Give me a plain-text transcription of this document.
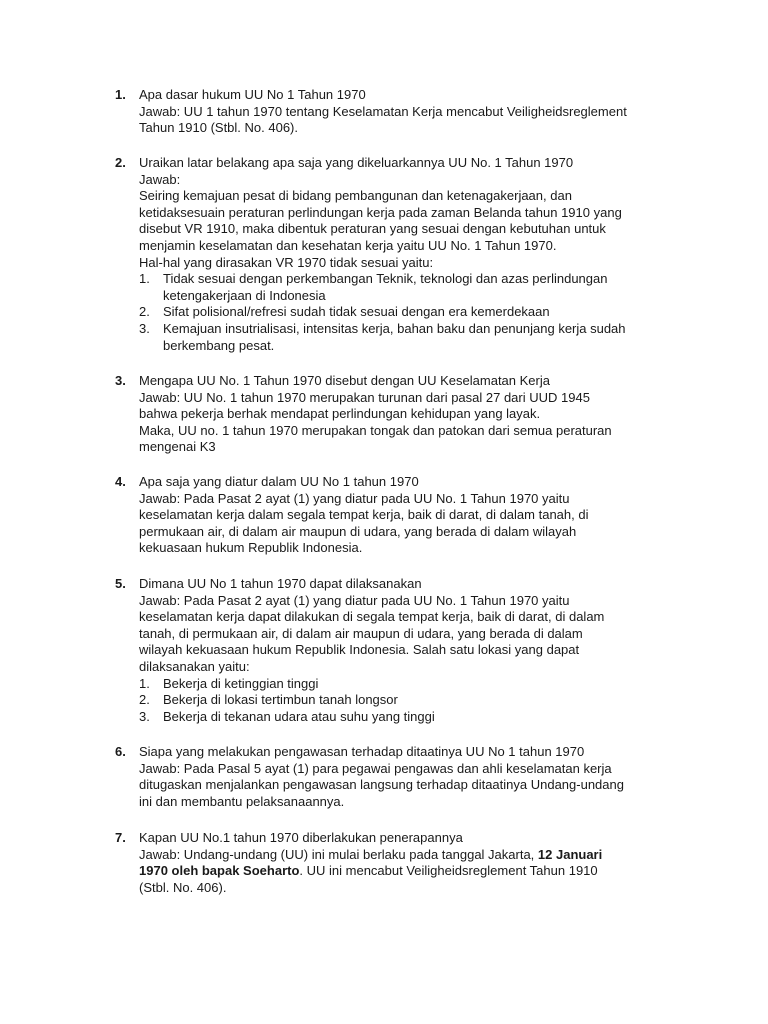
1.	Apa dasar hukum UU No 1 Tahun 1970
Jawab: UU 1 tahun 1970 tentang Keselamatan Kerja mencabut Veiligheidsreglement
Tahun 1910 (Stbl. No. 406).
2.	Uraikan latar belakang apa saja yang dikeluarkannya UU No. 1 Tahun 1970
Jawab:
Seiring kemajuan pesat di bidang pembangunan dan ketenagakerjaan, dan
ketidaksesuain peraturan perlindungan kerja pada zaman Belanda tahun 1910 yang
disebut VR 1910, maka dibentuk peraturan yang sesuai dengan kebutuhan untuk
menjamin keselamatan dan kesehatan kerja yaitu UU No. 1 Tahun 1970.
Hal-hal yang dirasakan VR 1970 tidak sesuai yaitu:
1. Tidak sesuai dengan perkembangan Teknik, teknologi dan azas perlindungan
ketengakerjaan di Indonesia
2. Sifat polisional/refresi sudah tidak sesuai dengan era kemerdekaan
3. Kemajuan insutrialisasi, intensitas kerja, bahan baku dan penunjang kerja sudah
berkembang pesat.
3.	Mengapa UU No. 1 Tahun 1970 disebut dengan UU Keselamatan Kerja
Jawab: UU No. 1 tahun 1970 merupakan turunan dari pasal 27 dari UUD 1945
bahwa pekerja berhak mendapat perlindungan kehidupan yang layak.
Maka, UU no. 1 tahun 1970 merupakan tongak dan patokan dari semua peraturan
mengenai K3
4.	Apa saja yang diatur dalam UU No 1 tahun 1970
Jawab: Pada Pasat 2 ayat (1) yang diatur pada UU No. 1 Tahun 1970 yaitu
keselamatan kerja dalam segala tempat kerja, baik di darat, di dalam tanah, di
permukaan air, di dalam air maupun di udara, yang berada di dalam wilayah
kekuasaan hukum Republik Indonesia.
5.	Dimana UU No 1 tahun 1970 dapat dilaksanakan
Jawab: Pada Pasat 2 ayat (1) yang diatur pada UU No. 1 Tahun 1970 yaitu
keselamatan kerja dapat dilakukan di segala tempat kerja, baik di darat, di dalam
tanah, di permukaan air, di dalam air maupun di udara, yang berada di dalam
wilayah kekuasaan hukum Republik Indonesia. Salah satu lokasi yang dapat
dilaksanakan yaitu:
1. Bekerja di ketinggian tinggi
2. Bekerja di lokasi tertimbun tanah longsor
3. Bekerja di tekanan udara atau suhu yang tinggi
6.	Siapa yang melakukan pengawasan terhadap ditaatinya UU No 1 tahun 1970
Jawab: Pada Pasal 5 ayat (1) para pegawai pengawas dan ahli keselamatan kerja
ditugaskan menjalankan pengawasan langsung terhadap ditaatinya Undang-undang
ini dan membantu pelaksanaannya.
7.	Kapan UU No.1 tahun 1970 diberlakukan penerapannya
Jawab: Undang-undang (UU) ini mulai berlaku pada tanggal Jakarta, 12 Januari
1970 oleh bapak Soeharto. UU ini mencabut Veiligheidsreglement Tahun 1910
(Stbl. No. 406).
